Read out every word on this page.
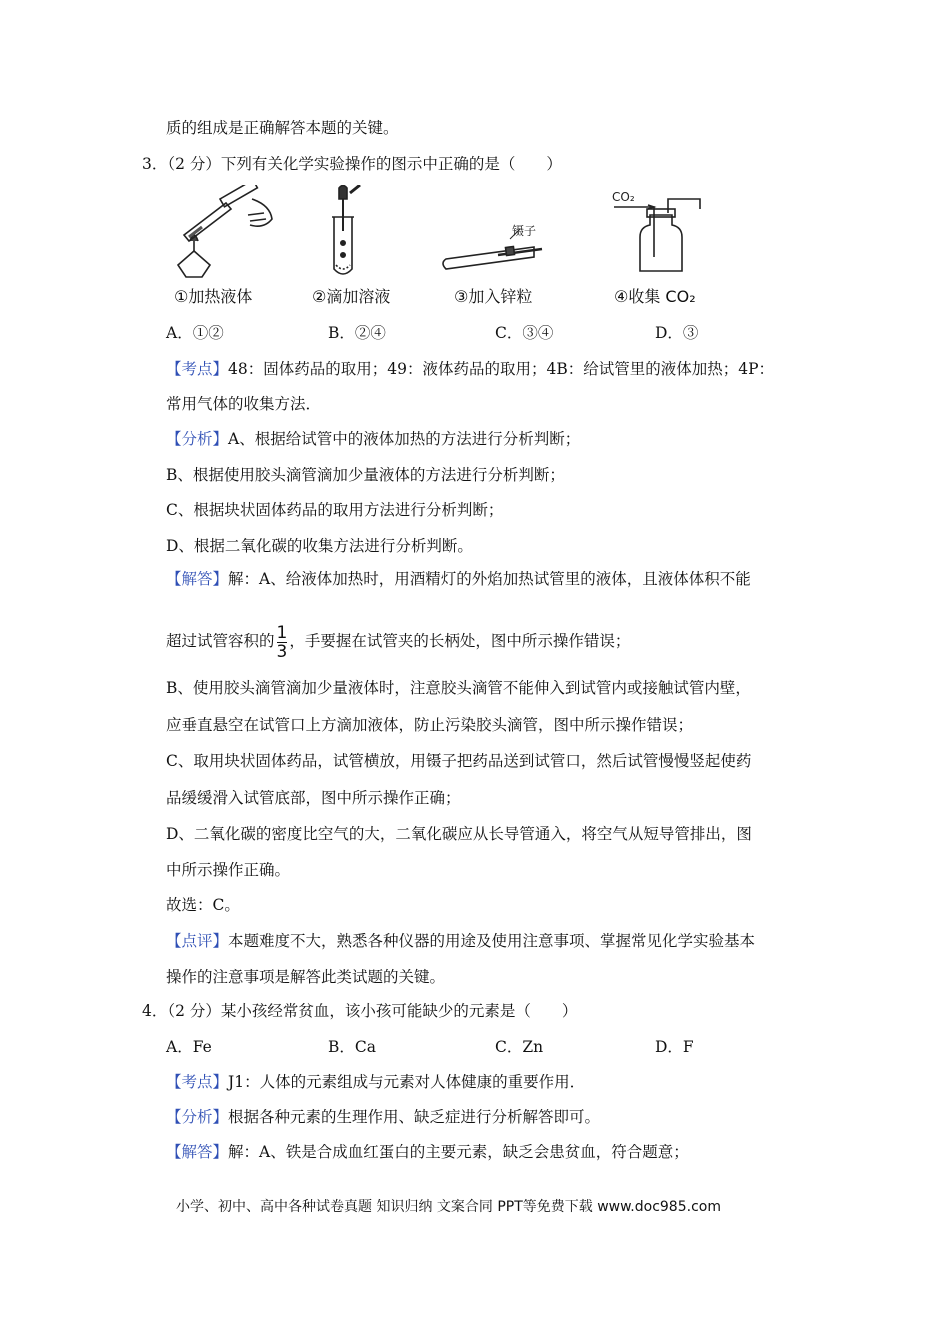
质的组成是正确解答本题的关键。
3．（2 分）下列有关化学实验操作的图示中正确的是（　　）
①加热液体	②滴加溶液
镊子
③加入锌粒
CO₂
④收集 CO₂
A．①②	B．②④	C．③④	D．③
【考点】48：固体药品的取用；49：液体药品的取用；4B：给试管里的液体加热；4P：
常用气体的收集方法．
【分析】A、根据给试管中的液体加热的方法进行分析判断；
B、根据使用胶头滴管滴加少量液体的方法进行分析判断；
C、根据块状固体药品的取用方法进行分析判断；
D、根据二氧化碳的收集方法进行分析判断。
【解答】解：A、给液体加热时，用酒精灯的外焰加热试管里的液体，且液体体积不能
超过试管容积的 $\frac{1}{3}$ ，手要握在试管夹的长柄处，图中所示操作错误；
B、使用胶头滴管滴加少量液体时，注意胶头滴管不能伸入到试管内或接触试管内壁，
应垂直悬空在试管口上方滴加液体，防止污染胶头滴管，图中所示操作错误；
C、取用块状固体药品，试管横放，用镊子把药品送到试管口，然后试管慢慢竖起使药
品缓缓滑入试管底部，图中所示操作正确；
D、二氧化碳的密度比空气的大，二氧化碳应从长导管通入，将空气从短导管排出，图
中所示操作正确。
故选：C。
【点评】本题难度不大，熟悉各种仪器的用途及使用注意事项、掌握常见化学实验基本
操作的注意事项是解答此类试题的关键。
4．（2 分）某小孩经常贫血，该小孩可能缺少的元素是（　　）
A．Fe	B．Ca	C．Zn	D．F
【考点】J1：人体的元素组成与元素对人体健康的重要作用．
【分析】根据各种元素的生理作用、缺乏症进行分析解答即可。
【解答】解：A、铁是合成血红蛋白的主要元素，缺乏会患贫血，符合题意；
小学、初中、高中各种试卷真题 知识归纳 文案合同 PPT等免费下载 www.doc985.com
